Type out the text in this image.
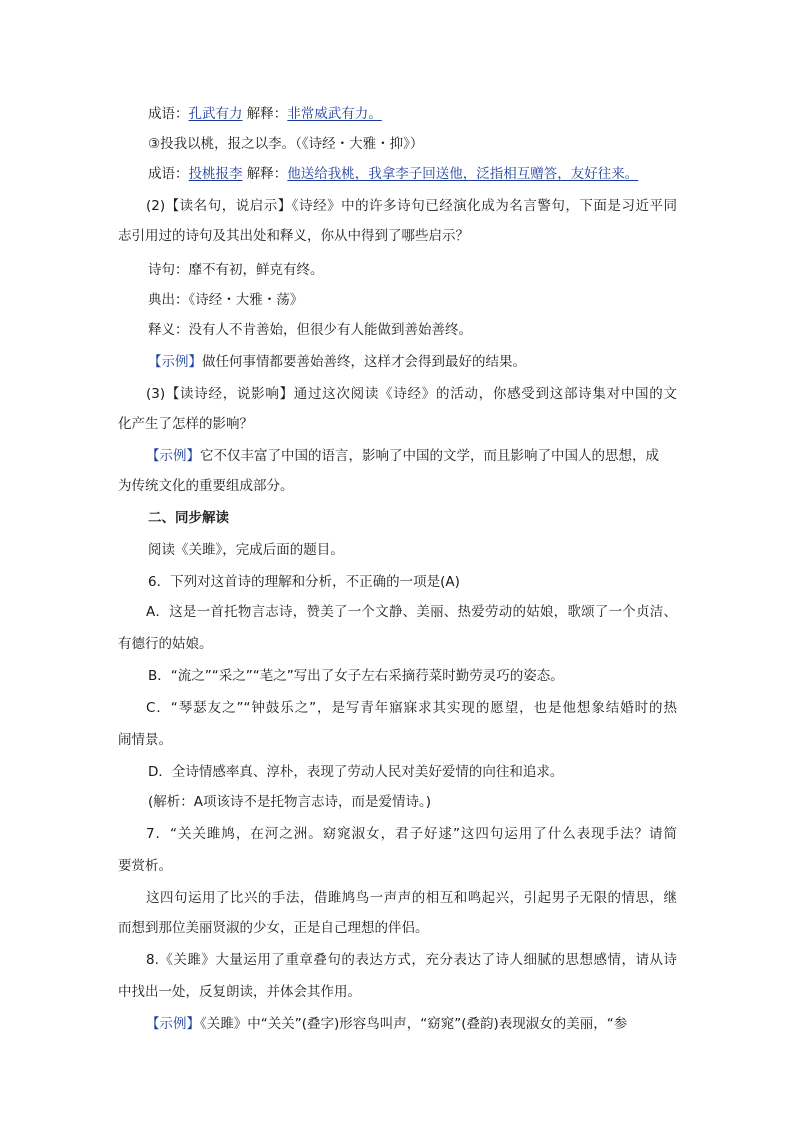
成语：孔武有力 解释：非常威武有力。
③投我以桃，报之以李。（《诗经・大雅・抑》）
成语：投桃报李 解释：他送给我桃，我拿李子回送他，泛指相互赠答，友好往来。
(2)【读名句，说启示】《诗经》中的许多诗句已经演化成为名言警句，下面是习近平同
志引用过的诗句及其出处和释义，你从中得到了哪些启示？
诗句：靡不有初，鲜克有终。
典出：《诗经・大雅・荡》
释义：没有人不肯善始，但很少有人能做到善始善终。
【示例】做任何事情都要善始善终，这样才会得到最好的结果。
(3)【读诗经，说影响】通过这次阅读《诗经》的活动，你感受到这部诗集对中国的文
化产生了怎样的影响？
【示例】它不仅丰富了中国的语言，影响了中国的文学，而且影响了中国人的思想，成
为传统文化的重要组成部分。
二、同步解读
阅读《关雎》，完成后面的题目。
6．下列对这首诗的理解和分析，不正确的一项是(A)
A．这是一首托物言志诗，赞美了一个文静、美丽、热爱劳动的姑娘，歌颂了一个贞洁、
有德行的姑娘。
B．“流之”“采之”“芼之”写出了女子左右采摘荇菜时勤劳灵巧的姿态。
C．“琴瑟友之”“钟鼓乐之”，是写青年寤寐求其实现的愿望，也是他想象结婚时的热
闹情景。
D．全诗情感率真、淳朴，表现了劳动人民对美好爱情的向往和追求。
(解析：A项该诗不是托物言志诗，而是爱情诗。)
7．“关关雎鸠，在河之洲。窈窕淑女，君子好逑”这四句运用了什么表现手法？请简
要赏析。
这四句运用了比兴的手法，借雎鸠鸟一声声的相互和鸣起兴，引起男子无限的情思，继
而想到那位美丽贤淑的少女，正是自己理想的伴侣。
8.《关雎》大量运用了重章叠句的表达方式，充分表达了诗人细腻的思想感情，请从诗
中找出一处，反复朗读，并体会其作用。
【示例】《关雎》中“关关”(叠字)形容鸟叫声，“窈窕”(叠韵)表现淑女的美丽，“参
